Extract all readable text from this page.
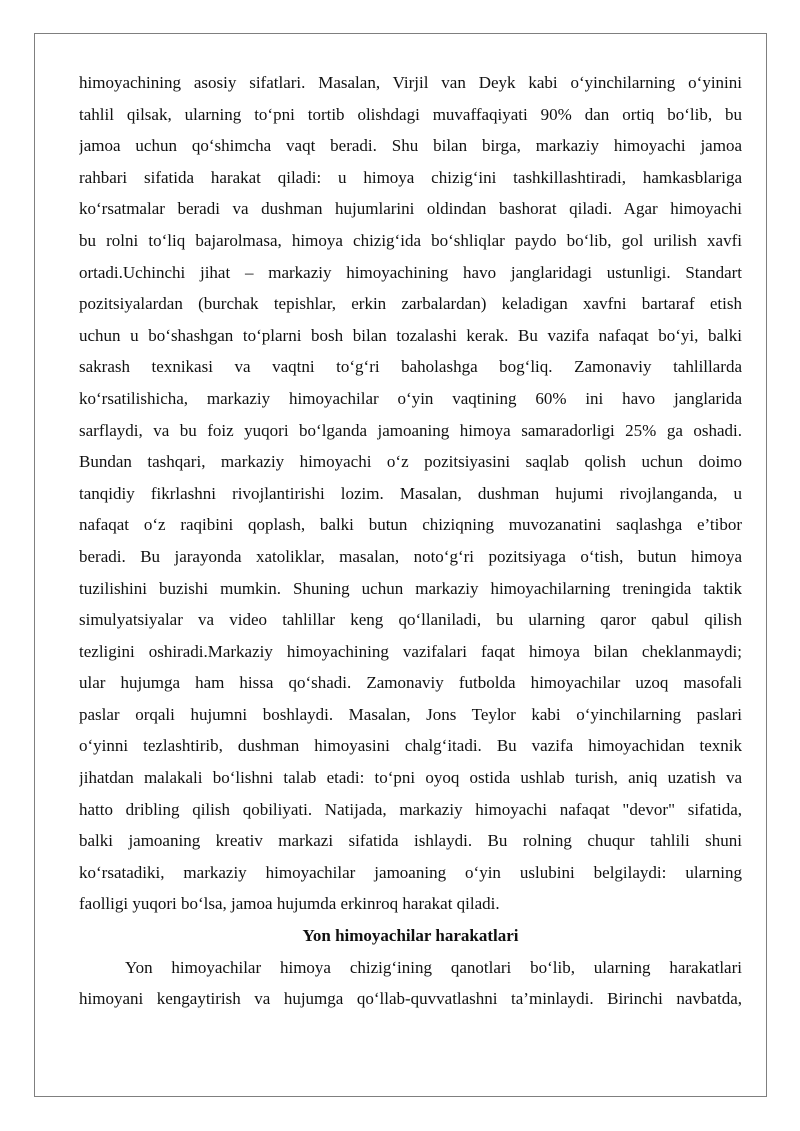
himoyachining asosiy sifatlari. Masalan, Virjil van Deyk kabi o‘yinchilarning o‘yinini
tahlil qilsak, ularning to‘pni tortib olishdagi muvaffaqiyati 90% dan ortiq bo‘lib, bu
jamoa uchun qo‘shimcha vaqt beradi. Shu bilan birga, markaziy himoyachi jamoa
rahbari sifatida harakat qiladi: u himoya chizig‘ini tashkillashtiradi, hamkasblariga
ko‘rsatmalar beradi va dushman hujumlarini oldindan bashorat qiladi. Agar himoyachi
bu rolni to‘liq bajarolmasa, himoya chizig‘ida bo‘shliqlar paydo bo‘lib, gol urilish xavfi
ortadi.Uchinchi jihat – markaziy himoyachining havo janglaridagi ustunligi. Standart
pozitsiyalardan (burchak tepishlar, erkin zarbalardan) keladigan xavfni bartaraf etish
uchun u bo‘shashgan to‘plarni bosh bilan tozalashi kerak. Bu vazifa nafaqat bo‘yi, balki
sakrash texnikasi va vaqtni to‘g‘ri baholashga bog‘liq. Zamonaviy tahlillarda
ko‘rsatilishicha, markaziy himoyachilar o‘yin vaqtining 60% ini havo janglarida
sarflaydi, va bu foiz yuqori bo‘lganda jamoaning himoya samaradorligi 25% ga oshadi.
Bundan tashqari, markaziy himoyachi o‘z pozitsiyasini saqlab qolish uchun doimo
tanqidiy fikrlashni rivojlantirishi lozim. Masalan, dushman hujumi rivojlanganda, u
nafaqat o‘z raqibini qoplash, balki butun chiziqning muvozanatini saqlashga e’tibor
beradi. Bu jarayonda xatoliklar, masalan, noto‘g‘ri pozitsiyaga o‘tish, butun himoya
tuzilishini buzishi mumkin. Shuning uchun markaziy himoyachilarning treningida taktik
simulyatsiyalar va video tahlillar keng qo‘llaniladi, bu ularning qaror qabul qilish
tezligini oshiradi.Markaziy himoyachining vazifalari faqat himoya bilan cheklanmaydi;
ular hujumga ham hissa qo‘shadi. Zamonaviy futbolda himoyachilar uzoq masofali
paslar orqali hujumni boshlaydi. Masalan, Jons Teylor kabi o‘yinchilarning paslari
o‘yinni tezlashtirib, dushman himoyasini chalg‘itadi. Bu vazifa himoyachidan texnik
jihatdan malakali bo‘lishni talab etadi: to‘pni oyoq ostida ushlab turish, aniq uzatish va
hatto dribling qilish qobiliyati. Natijada, markaziy himoyachi nafaqat "devor" sifatida,
balki jamoaning kreativ markazi sifatida ishlaydi. Bu rolning chuqur tahlili shuni
ko‘rsatadiki, markaziy himoyachilar jamoaning o‘yin uslubini belgilaydi: ularning
faolligi yuqori bo‘lsa, jamoa hujumda erkinroq harakat qiladi.
Yon himoyachilar harakatlari
Yon himoyachilar himoya chizig‘ining qanotlari bo‘lib, ularning harakatlari
himoyani kengaytirish va hujumga qo‘llab-quvvatlashni ta’minlaydi. Birinchi navbatda,
